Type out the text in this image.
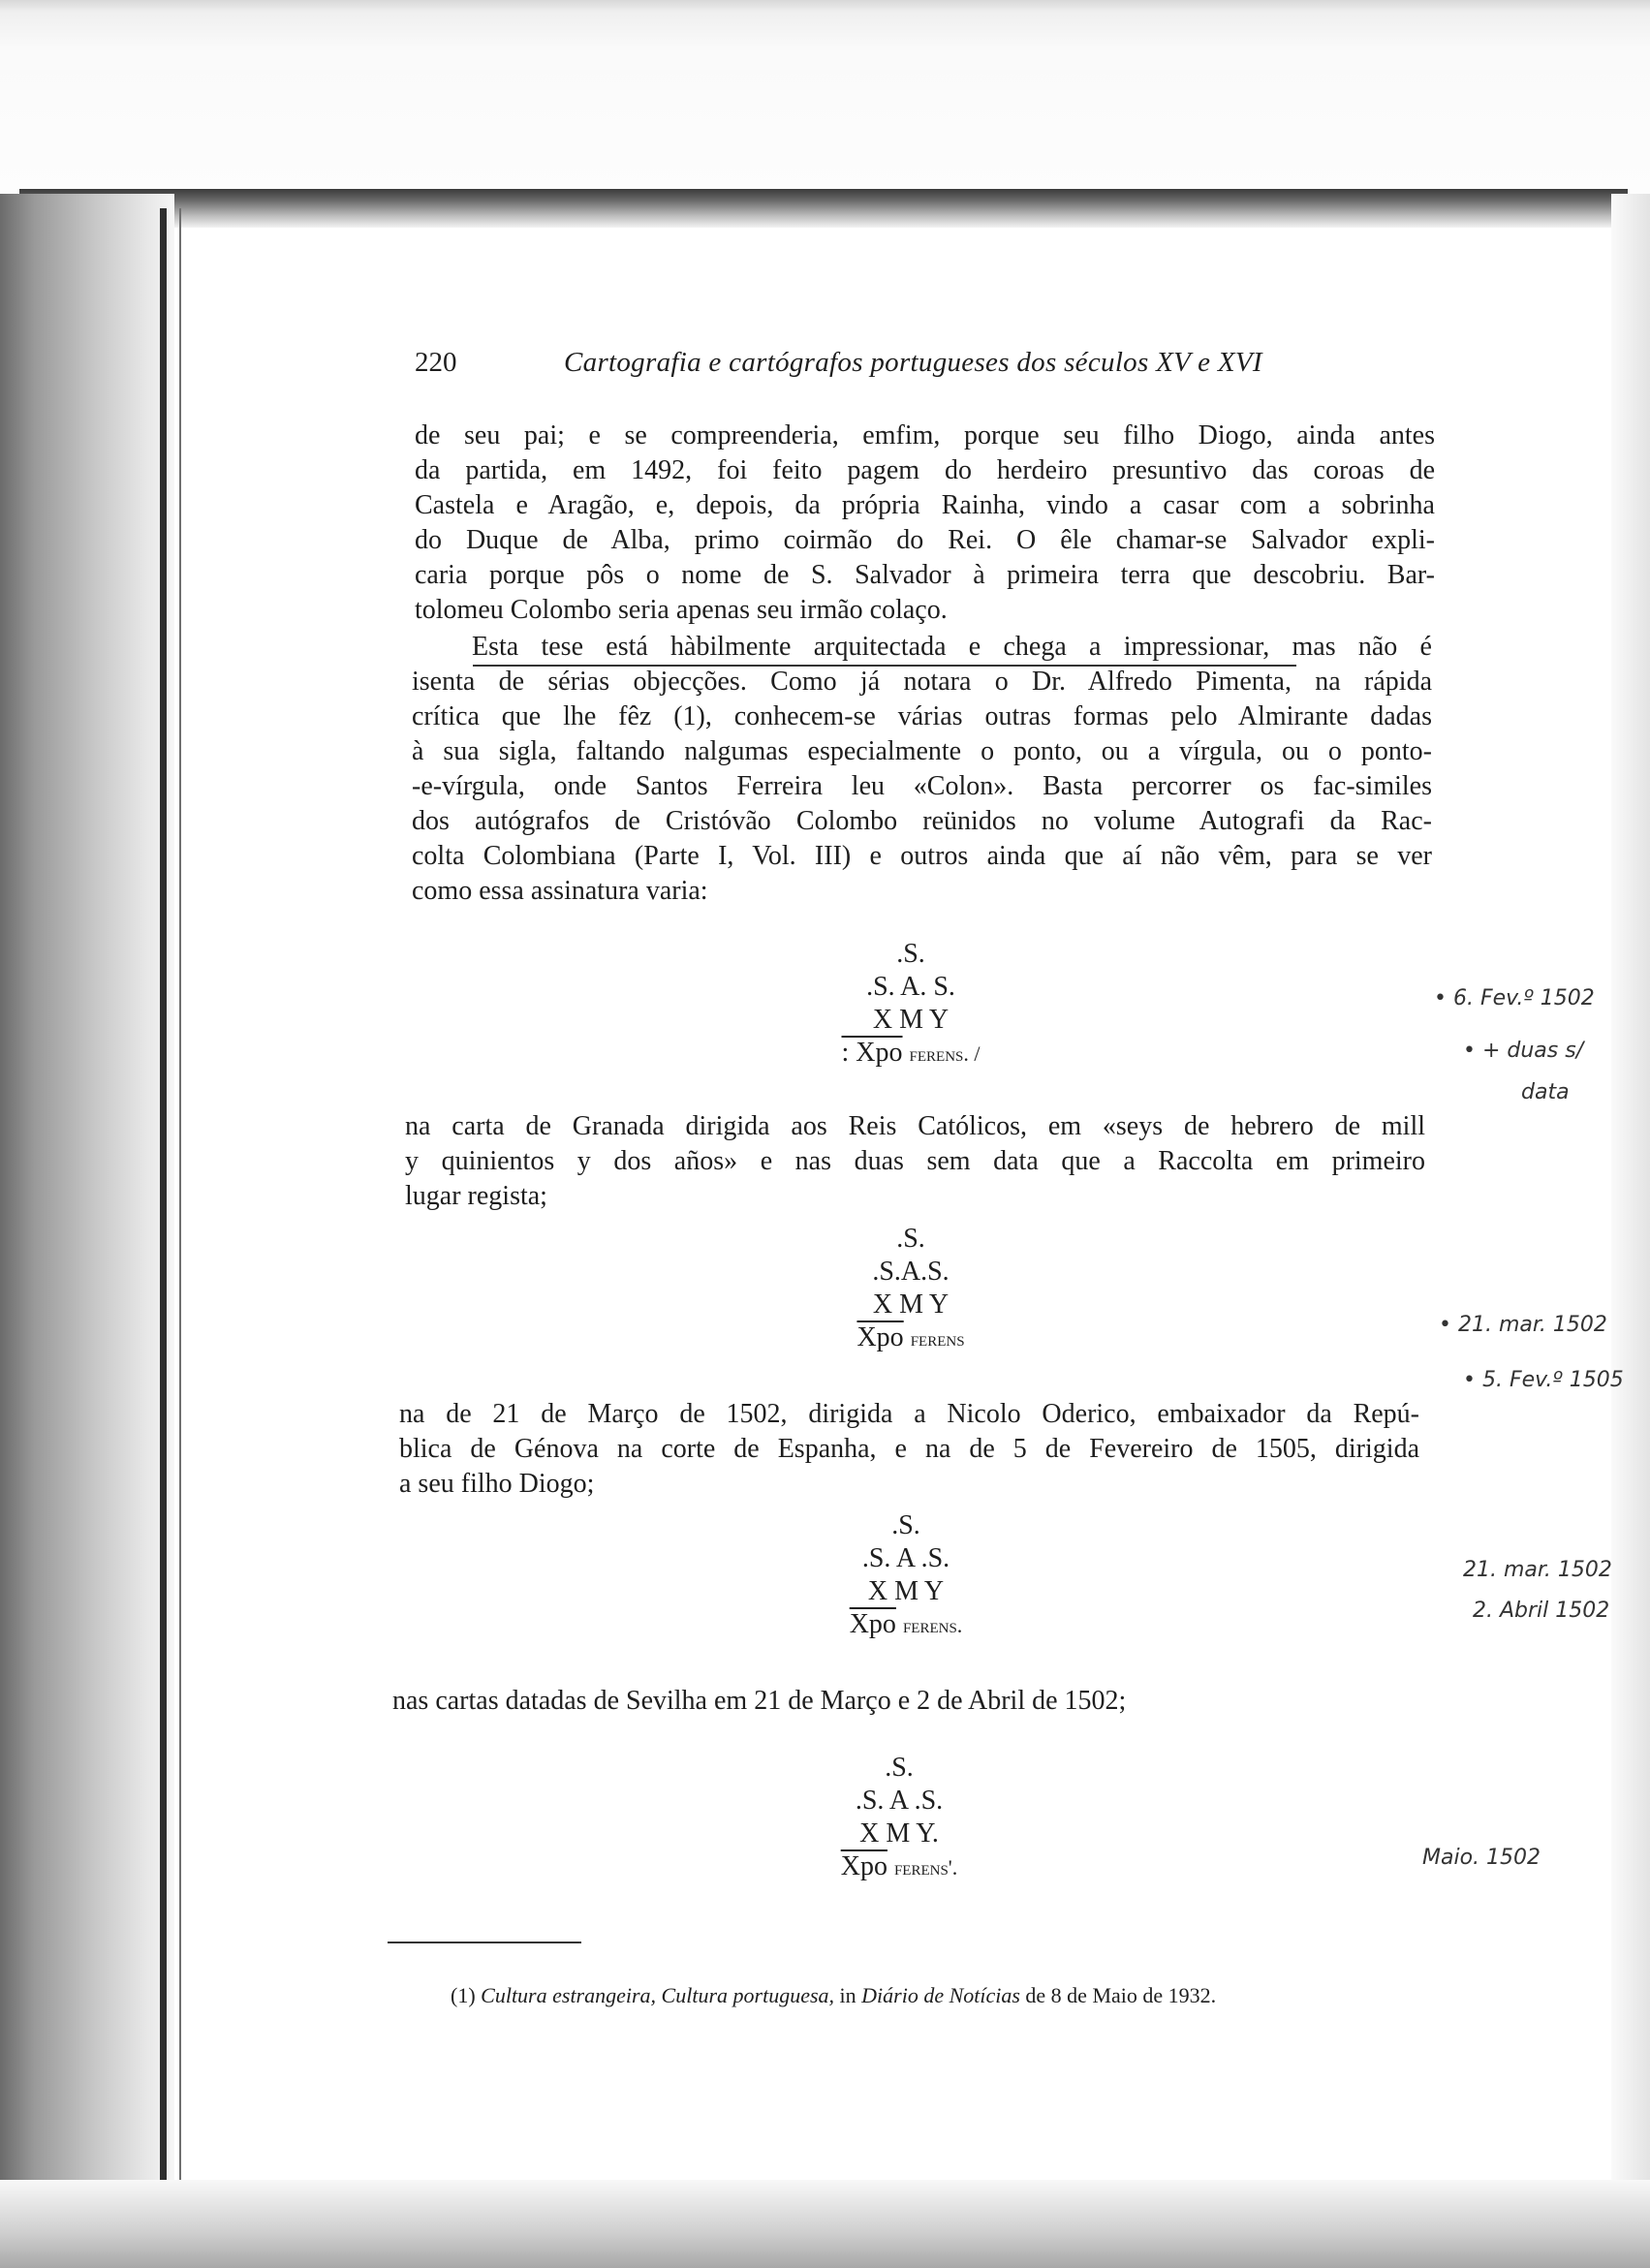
220	Cartografia e cartógrafos portugueses dos séculos XV e XVI
de seu pai; e se compreenderia, emfim, porque seu filho Diogo, ainda antes
da partida, em 1492, foi feito pagem do herdeiro presuntivo das coroas de
Castela e Aragão, e, depois, da própria Rainha, vindo a casar com a sobrinha
do Duque de Alba, primo coirmão do Rei. O êle chamar-se Salvador expli-
caria porque pôs o nome de S. Salvador à primeira terra que descobriu. Bar-
tolomeu Colombo seria apenas seu irmão colaço.
Esta tese está hàbilmente arquitectada e chega a impressionar, mas não é
isenta de sérias objecções. Como já notara o Dr. Alfredo Pimenta, na rápida
crítica que lhe fêz (1), conhecem-se várias outras formas pelo Almirante dadas
à sua sigla, faltando nalgumas especialmente o ponto, ou a vírgula, ou o ponto-
-e-vírgula, onde Santos Ferreira leu «Colon». Basta percorrer os fac-similes
dos autógrafos de Cristóvão Colombo reünidos no volume Autografi da Rac-
colta Colombiana (Parte I, Vol. III) e outros ainda que aí não vêm, para se ver
como essa assinatura varia:
.S.
.S. A. S.
X M Y
: Xpo ferens. /
na carta de Granada dirigida aos Reis Católicos, em «seys de hebrero de mill
y quinientos y dos años» e nas duas sem data que a Raccolta em primeiro
lugar regista;
.S.
.S.A.S.
X M Y
$\overline{Xpo}$ ferens
na de 21 de Março de 1502, dirigida a Nicolo Oderico, embaixador da Repú-
blica de Génova na corte de Espanha, e na de 5 de Fevereiro de 1505, dirigida
a seu filho Diogo;
.S.
.S. A .S.
X M Y
$\overline{Xpo}$ ferens.
nas cartas datadas de Sevilha em 21 de Março e 2 de Abril de 1502;
.S.
.S. A .S.
X M Y.
$\overline{Xpo}$ ferens'.
• 6. Fev.º 1502
• + duas s/
data
• 21. mar. 1502
• 5. Fev.º 1505
21. mar. 1502
2. Abril 1502
Maio. 1502
(1) Cultura estrangeira, Cultura portuguesa, in Diário de Notícias de 8 de Maio de 1932.
